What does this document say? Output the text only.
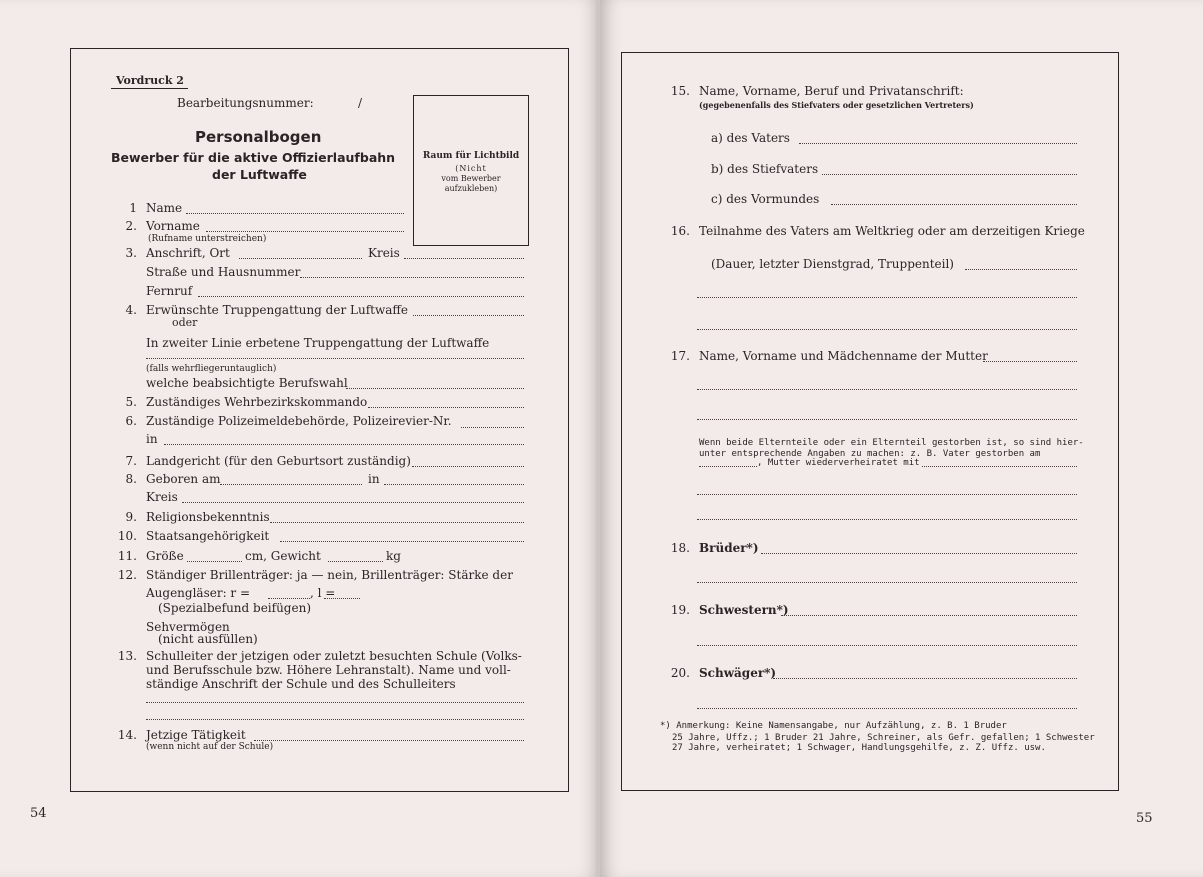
Vordruck 2
Bearbeitungsnummer:	/
Personalbogen
Bewerber für die aktive Offizierlaufbahn
der Luftwaffe
Raum für Lichtbild
(Nicht
vom Bewerber
aufzukleben)
1 Name
2. Vorname
(Rufname unterstreichen)
3. Anschrift, Ort	Kreis
Straße und Hausnummer
Fernruf
4. Erwünschte Truppengattung der Luftwaffe
oder
In zweiter Linie erbetene Truppengattung der Luftwaffe
(falls wehrfliegeruntauglich)
welche beabsichtigte Berufswahl
5. Zuständiges Wehrbezirkskommando
6. Zuständige Polizeimeldebehörde, Polizeirevier-Nr.
in
7. Landgericht (für den Geburtsort zuständig)
8. Geboren am	in
Kreis
9. Religionsbekenntnis
10. Staatsangehörigkeit
11. Größe	cm, Gewicht	kg
12. Ständiger Brillenträger: ja — nein, Brillenträger: Stärke der
Augengläser: r =	, l =
(Spezialbefund beifügen)
Sehvermögen
(nicht ausfüllen)
13. Schulleiter der jetzigen oder zuletzt besuchten Schule (Volks-
und Berufsschule bzw. Höhere Lehranstalt). Name und voll-
ständige Anschrift der Schule und des Schulleiters
14. Jetzige Tätigkeit
(wenn nicht auf der Schule)
54
15. Name, Vorname, Beruf und Privatanschrift:
(gegebenenfalls des Stiefvaters oder gesetzlichen Vertreters)
a) des Vaters
b) des Stiefvaters
c) des Vormundes
16. Teilnahme des Vaters am Weltkrieg oder am derzeitigen Kriege
(Dauer, letzter Dienstgrad, Truppenteil)
17. Name, Vorname und Mädchenname der Mutter
Wenn beide Elternteile oder ein Elternteil gestorben ist, so sind hier-
unter entsprechende Angaben zu machen: z. B. Vater gestorben am
, Mutter wiederverheiratet mit
18. Brüder*)
19. Schwestern*)
20. Schwäger*)
*) Anmerkung: Keine Namensangabe, nur Aufzählung, z. B. 1 Bruder
25 Jahre, Uffz.; 1 Bruder 21 Jahre, Schreiner, als Gefr. gefallen; 1 Schwester
27 Jahre, verheiratet; 1 Schwager, Handlungsgehilfe, z. Z. Uffz. usw.
55
